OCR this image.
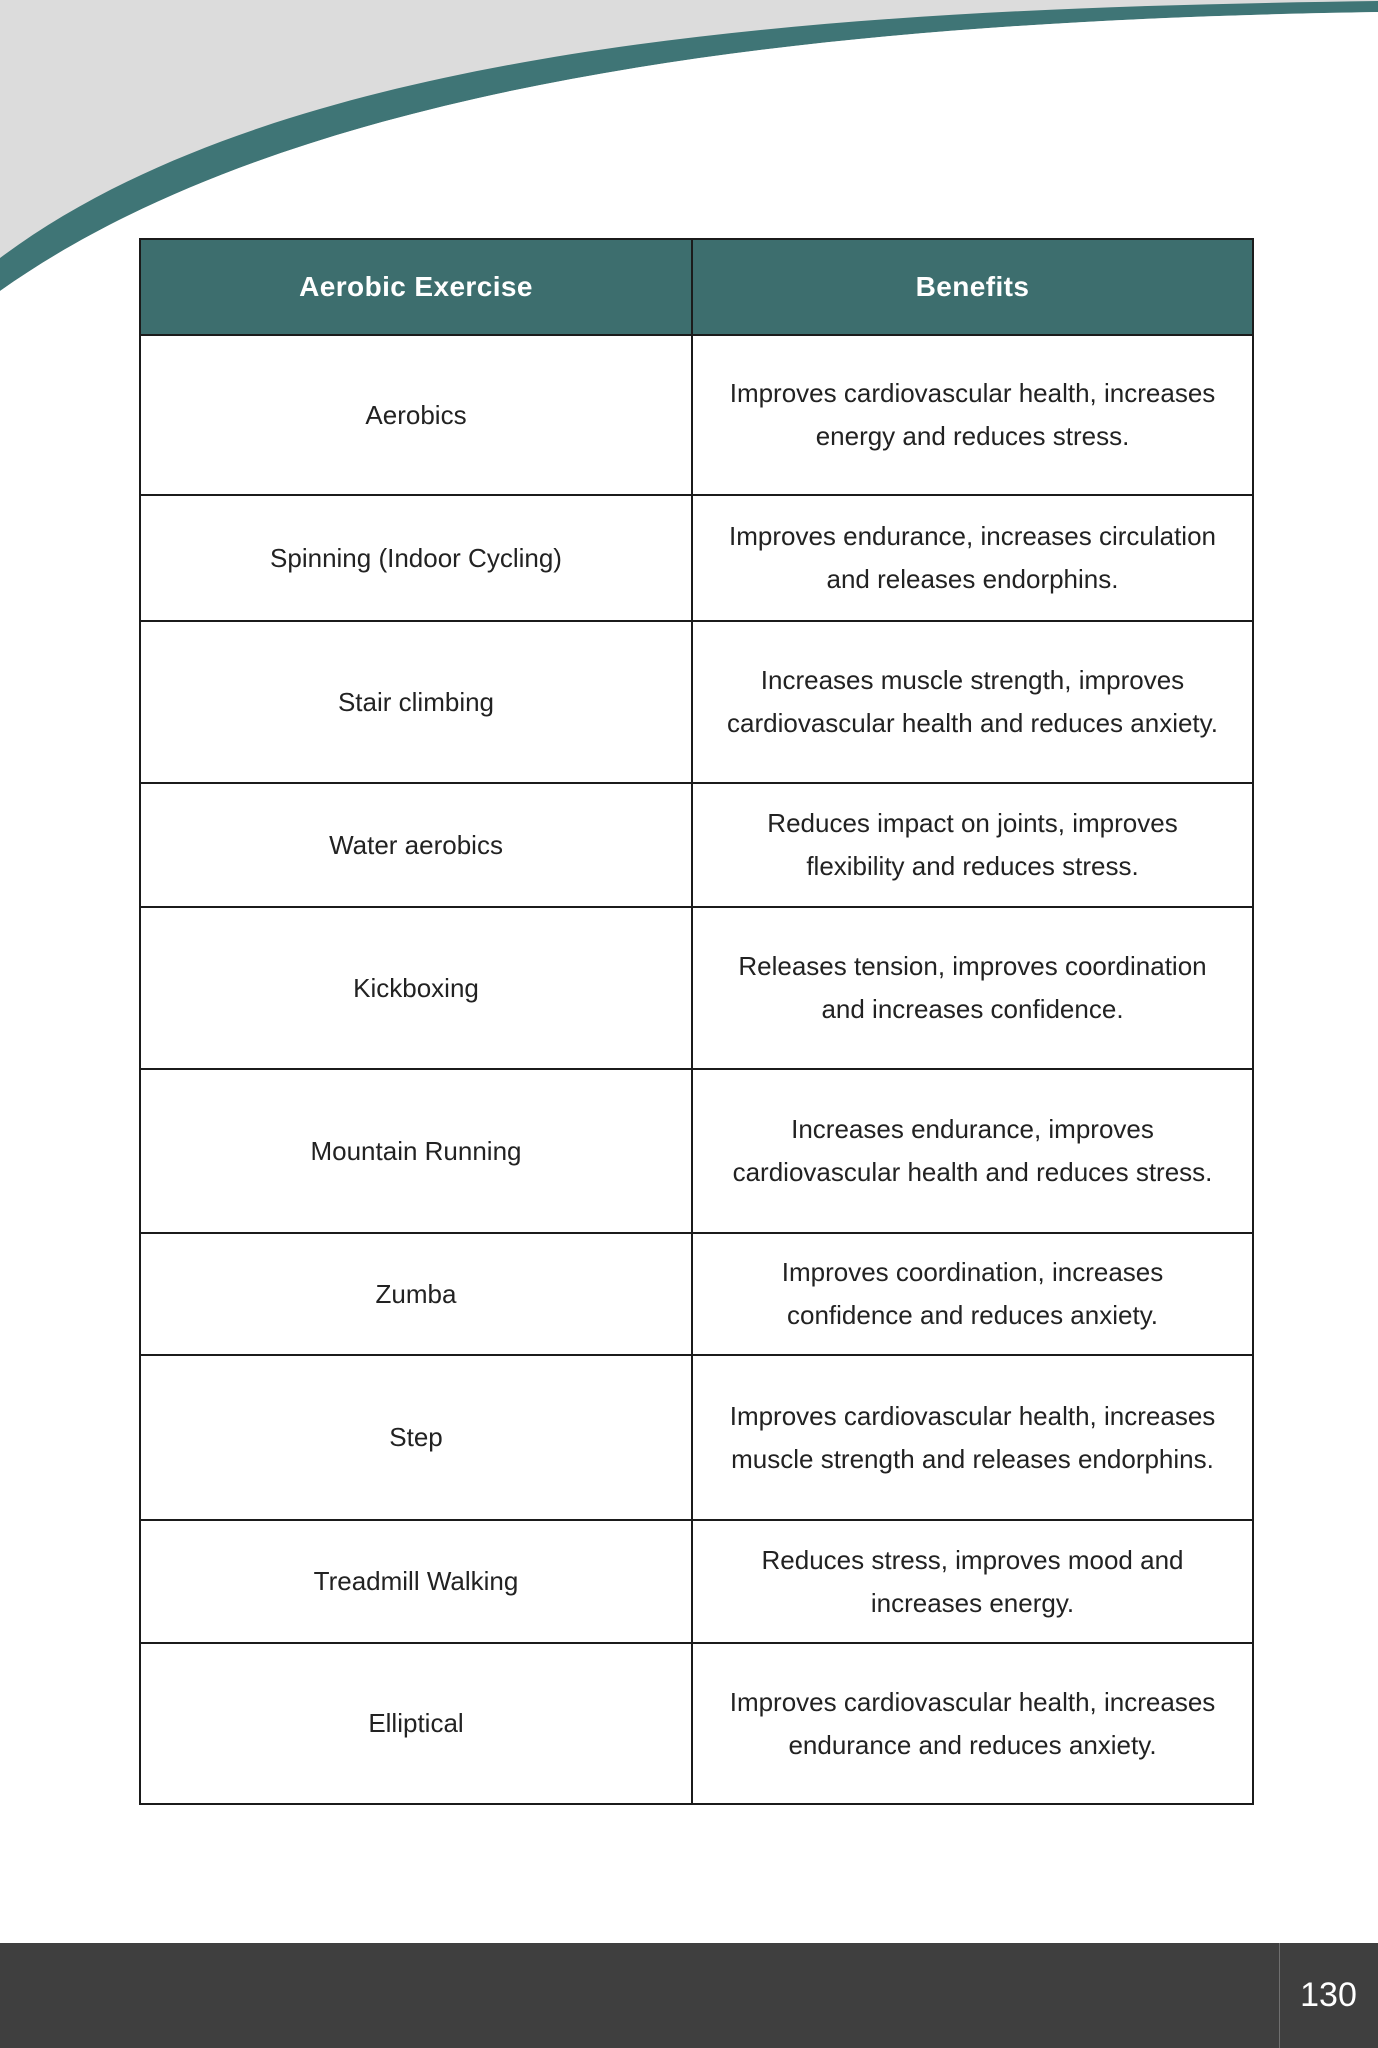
Aerobic Exercise	Benefits
Aerobics	Improves cardiovascular health, increases energy and reduces stress.
Spinning (Indoor Cycling)	Improves endurance, increases circulation and releases endorphins.
Stair climbing	Increases muscle strength, improves cardiovascular health and reduces anxiety.
Water aerobics	Reduces impact on joints, improves flexibility and reduces stress.
Kickboxing	Releases tension, improves coordination and increases confidence.
Mountain Running	Increases endurance, improves cardiovascular health and reduces stress.
Zumba	Improves coordination, increases confidence and reduces anxiety.
Step	Improves cardiovascular health, increases muscle strength and releases endorphins.
Treadmill Walking	Reduces stress, improves mood and increases energy.
Elliptical	Improves cardiovascular health, increases endurance and reduces anxiety.
130
